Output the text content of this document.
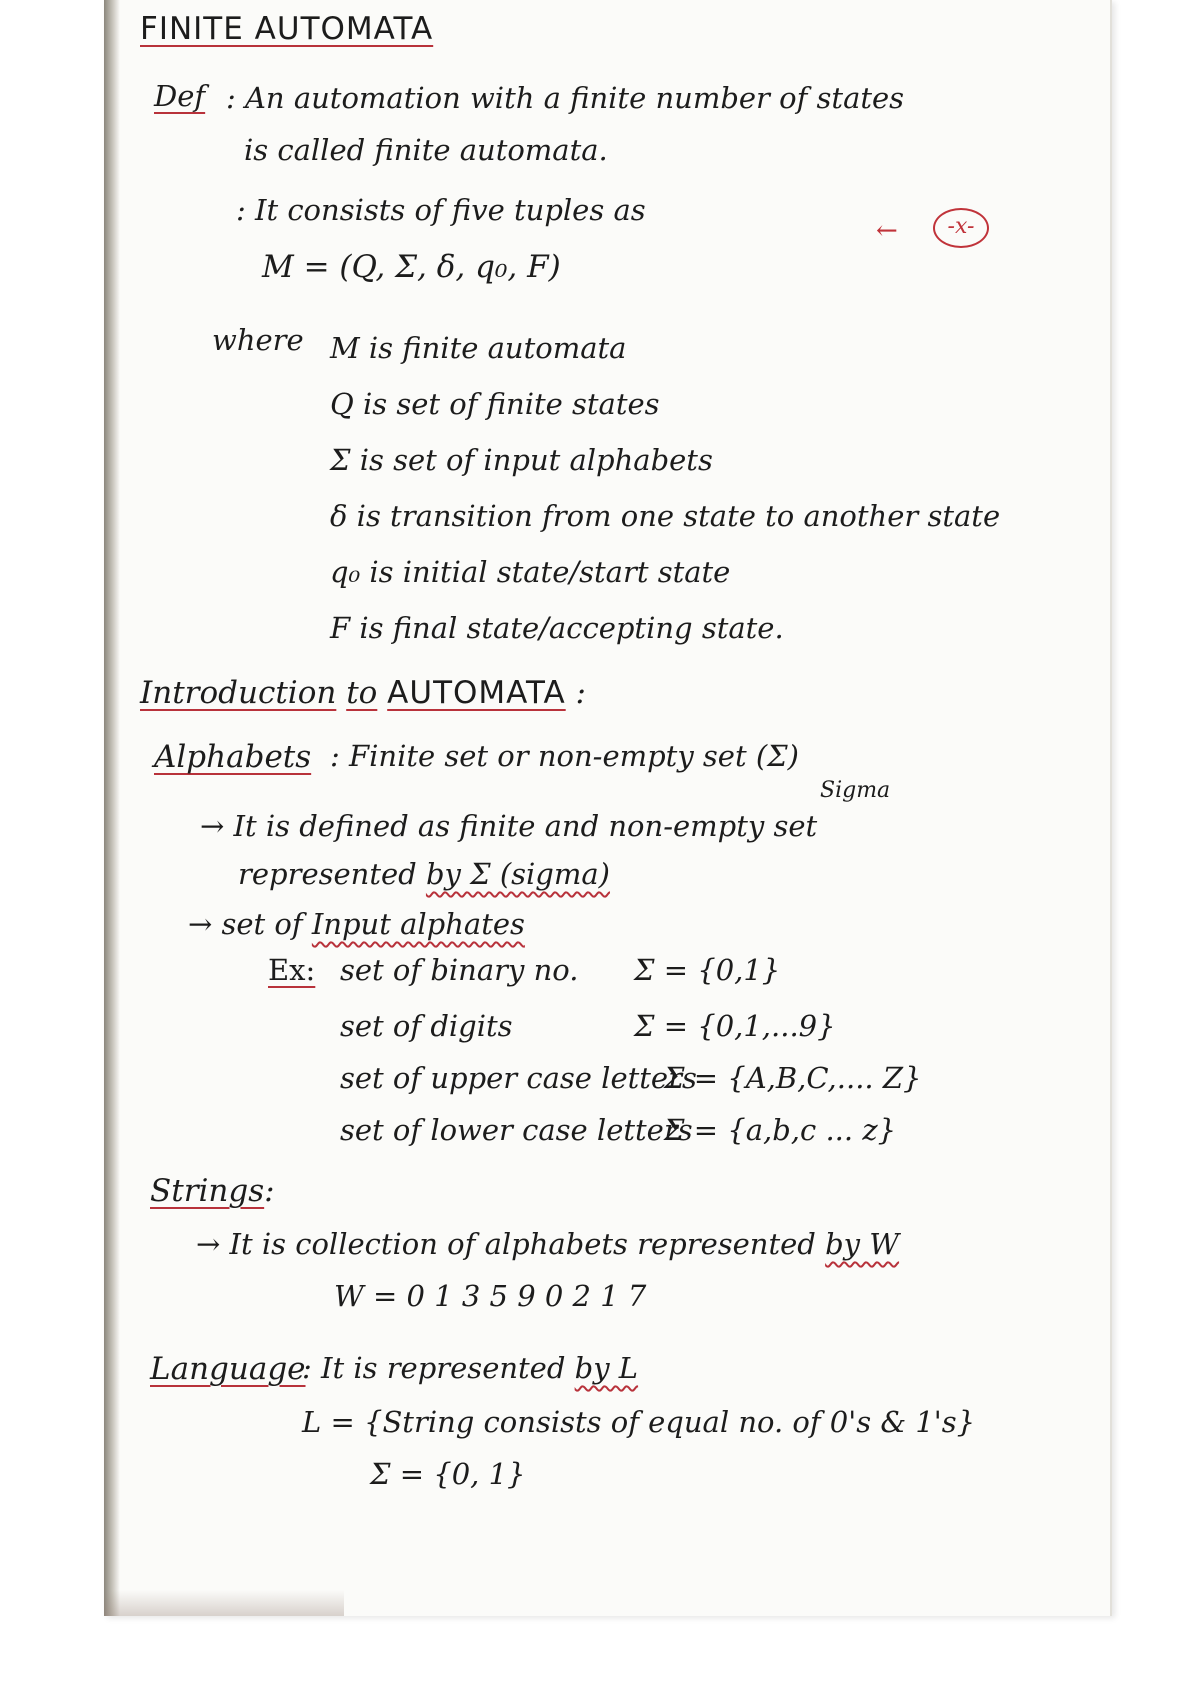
FINITE AUTOMATA
Def : An automation with a finite number of states
is called finite automata.
: It consists of five tuples as
←	-x-
M = (Q, Σ, δ, q₀, F)
where M is finite automata
Q is set of finite states
Σ is set of input alphabets
δ is transition from one state to another state
q₀ is initial state/start state
F is final state/accepting state.
Introduction to AUTOMATA :
Alphabets : Finite set or non-empty set (Σ)
Sigma
→ It is defined as finite and non-empty set
represented by Σ (sigma)
→ set of Input alphates
Ex: set of binary no. Σ = {0,1}
set of digits	Σ = {0,1,...9}
set of upper case letters
Σ = {A,B,C,.... Z}
set of lower case letters
Σ = {a,b,c ... z}
Strings:
→ It is collection of alphabets represented by W
W = 0 1 3 5 9 0 2 1 7
Language
: It is represented by L
L = {String consists of equal no. of 0's & 1's}
Σ = {0, 1}
